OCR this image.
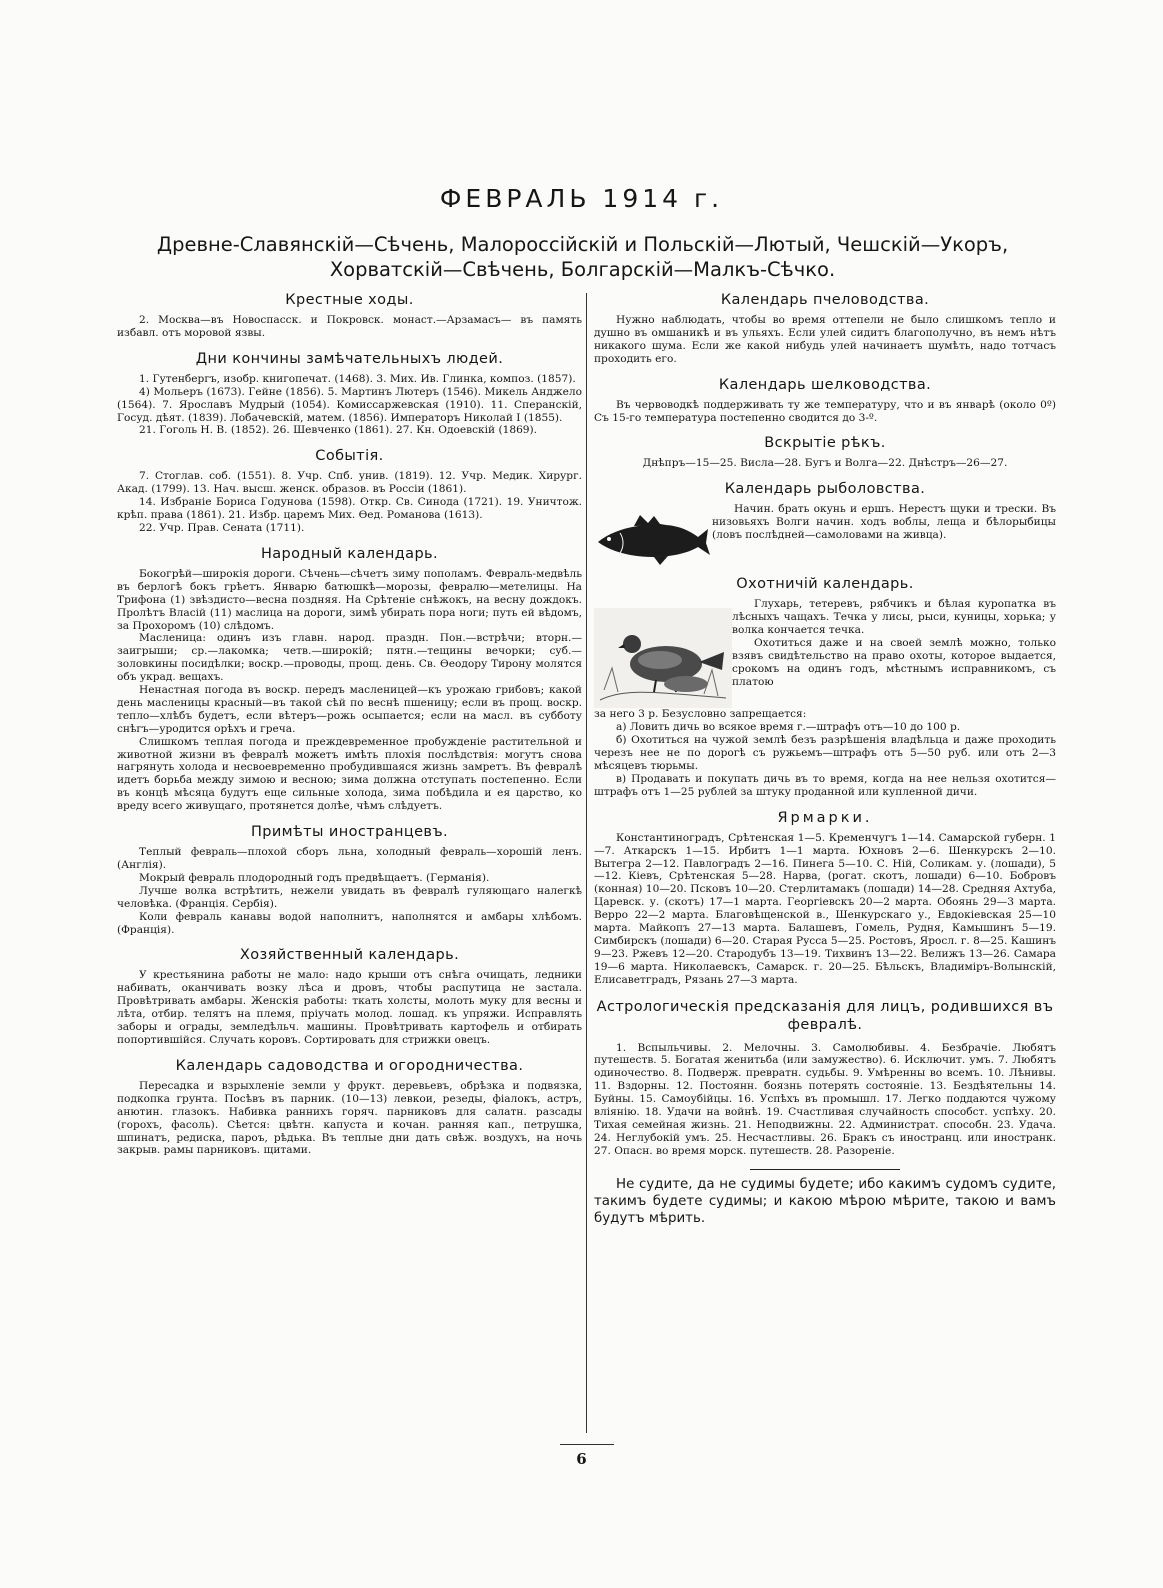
ФЕВРАЛЬ 1914 г.
Древне-Славянскій—Сѣчень, Малороссійскій и Польскій—Лютый, Чешскій—Укоръ,
Хорватскій—Свѣчень, Болгарскій—Малкъ-Сѣчко.
Крестные ходы.

2. Москва—въ Новоспасск. и Покровск. монаст.—Арзамасъ— въ память избавл. отъ моровой язвы.

Дни кончины замѣчательныхъ людей.

1. Гутенбергъ, изобр. книгопечат. (1468). 3. Мих. Ив. Глинка, композ. (1857).

4) Мольеръ (1673). Гейне (1856). 5. Мартинъ Лютеръ (1546). Микель Анджело (1564). 7. Ярославъ Мудрый (1054). Комиссаржевская (1910). 11. Сперанскій, Госуд. дѣят. (1839). Лобачевскій, матем. (1856). Императоръ Николай I (1855).

21. Гоголь Н. В. (1852). 26. Шевченко (1861). 27. Кн. Одоевскій (1869).

Событія.

7. Стоглав. соб. (1551). 8. Учр. Спб. унив. (1819). 12. Учр. Медик. Хирург. Акад. (1799). 13. Нач. высш. женск. образов. въ Россіи (1861).

14. Избраніе Бориса Годунова (1598). Откр. Св. Синода (1721). 19. Уничтож. крѣп. права (1861). 21. Избр. царемъ Мих. Ѳед. Романова (1613).

22. Учр. Прав. Сената (1711).

Народный календарь.

Бокогрѣй—широкія дороги. Сѣчень—сѣчетъ зиму пополамъ. Февраль-медвѣль въ берлогѣ бокъ грѣетъ. Январю батюшкѣ—морозы, февралю—метелицы. На Трифона (1) звѣздисто—весна поздняя. На Срѣтеніе снѣжокъ, на весну дождокъ. Пролѣтъ Власій (11) маслица на дороги, зимѣ убирать пора ноги; путь ей вѣдомъ, за Прохоромъ (10) слѣдомъ.

Масленица: одинъ изъ главн. народ. праздн. Пон.—встрѣчи; вторн.—заигрыши; ср.—лакомка; четв.—широкій; пятн.—тещины вечорки; суб.—золовкины посидѣлки; воскр.—проводы, прощ. день. Св. Ѳеодору Тирону молятся объ украд. вещахъ.

Ненастная погода въ воскр. передъ масленицей—къ урожаю грибовъ; какой день масленицы красный—въ такой сѣй по веснѣ пшеницу; если въ прощ. воскр. тепло—хлѣбъ будетъ, если вѣтеръ—рожь осыпается; если на масл. въ субботу снѣгъ—уродится орѣхъ и греча.

Слишкомъ теплая погода и преждевременное пробужденіе растительной и животной жизни въ февралѣ можетъ имѣть плохія послѣдствія: могутъ снова нагрянуть холода и несвоевременно пробудившаяся жизнь замретъ. Въ февралѣ идетъ борьба между зимою и весною; зима должна отступать постепенно. Если въ концѣ мѣсяца будутъ еще сильные холода, зима побѣдила и ея царство, ко вреду всего живущаго, протянется долѣе, чѣмъ слѣдуетъ.

Примѣты иностранцевъ.

Теплый февраль—плохой сборъ льна, холодный февраль—хорошій ленъ. (Англія).

Мокрый февраль плодородный годъ предвѣщаетъ. (Германія).

Лучше волка встрѣтить, нежели увидать въ февралѣ гуляющаго налегкѣ человѣка. (Франція. Сербія).

Коли февраль канавы водой наполнитъ, наполнятся и амбары хлѣбомъ. (Франція).

Хозяйственный календарь.

У крестьянина работы не мало: надо крыши отъ снѣга очищать, ледники набивать, оканчивать возку лѣса и дровъ, чтобы распутица не застала. Провѣтривать амбары. Женскія работы: ткать холсты, молоть муку для весны и лѣта, отбир. телятъ на племя, пріучать молод. лошад. къ упряжи. Исправлять заборы и ограды, земледѣльч. машины. Провѣтривать картофель и отбирать попортившійся. Случать коровъ. Сортировать для стрижки овецъ.

Календарь садоводства и огородничества.

Пересадка и взрыхленіе земли у фрукт. деревьевъ, обрѣзка и подвязка, подкопка грунта. Посѣвъ въ парник. (10—13) левкои, резеды, фіалокъ, астръ, анютин. глазокъ. Набивка раннихъ горяч. парниковъ для салатн. разсады (горохъ, фасоль). Сѣется: цвѣтн. капуста и кочан. ранняя кап., петрушка, шпинатъ, редиска, пароъ, рѣдька. Въ теплые дни дать свѣж. воздухъ, на ночь закрыв. рамы парниковъ. щитами.

Календарь пчеловодства.

Нужно наблюдать, чтобы во время оттепели не было слишкомъ тепло и душно въ омшаникѣ и въ ульяхъ. Если улей сидитъ благополучно, въ немъ нѣтъ никакого шума. Если же какой нибудь улей начинаетъ шумѣть, надо тотчасъ проходить его.

Календарь шелководства.

Въ червоводкѣ поддерживать ту же температуру, что и въ январѣ (около 0º) Съ 15-го температура постепенно сводится до 3-º.

Вскрытіе рѣкъ.

Днѣпръ—15—25. Висла—28. Бугъ и Волга—22. Днѣстръ—26—27.

Календарь рыболовства.

Начин. брать окунь и ершъ. Нерестъ щуки и трески. Въ низовьяхъ Волги начин. ходъ воблы, леща и бѣлорыбицы (ловъ послѣдней—самоловами на живца).

Охотничій календарь.

Глухарь, тетеревъ, рябчикъ и бѣлая куропатка въ лѣсныхъ чащахъ. Течка у лисы, рыси, куницы, хорька; у волка кончается течка.

Охотиться даже и на своей землѣ можно, только взявъ свидѣтельство на право охоты, которое выдается, срокомъ на одинъ годъ, мѣстнымъ исправникомъ, съ платою

за него 3 р. Безусловно запрещается:

а) Ловить дичь во всякое время г.—штрафъ отъ—10 до 100 р.

б) Охотиться на чужой землѣ безъ разрѣшенія владѣльца и даже проходить черезъ нее не по дорогѣ съ ружьемъ—штрафъ отъ 5—50 руб. или отъ 2—3 мѣсяцевъ тюрьмы.

в) Продавать и покупать дичь въ то время, когда на нее нельзя охотится—штрафъ отъ 1—25 рублей за штуку проданной или купленной дичи.

Ярмарки.

Константиноградъ, Срѣтенская 1—5. Кременчугъ 1—14. Самарской губерн. 1—7. Аткарскъ 1—15. Ирбитъ 1—1 марта. Юхновъ 2—6. Шенкурскъ 2—10. Вытегра 2—12. Павлоградъ 2—16. Пинега 5—10. С. Ній, Соликам. у. (лошади), 5—12. Кіевъ, Срѣтенская 5—28. Нарва, (рогат. скотъ, лошади) 6—10. Бобровъ (конная) 10—20. Псковъ 10—20. Стерлитамакъ (лошади) 14—28. Средняя Ахтуба, Царевск. у. (скотъ) 17—1 марта. Георгіевскъ 20—2 марта. Обоянь 29—3 марта. Верро 22—2 марта. Благовѣщенской в., Шенкурскаго у., Евдокіевская 25—10 марта. Майкопъ 27—13 марта. Балашевъ, Гомель, Рудня, Камышинъ 5—19. Симбирскъ (лошади) 6—20. Старая Русса 5—25. Ростовъ, Яросл. г. 8—25. Кашинъ 9—23. Ржевъ 12—20. Стародубъ 13—19. Тихвинъ 13—22. Велижъ 13—26. Самара 19—6 марта. Николаевскъ, Самарск. г. 20—25. Бѣльскъ, Владиміръ-Волынскій, Елисаветградъ, Рязань 27—3 марта.

Астрологическія предсказанія для лицъ, родившихся въ февралѣ.

1. Вспыльчивы. 2. Мелочны. 3. Самолюбивы. 4. Безбрачіе. Любятъ путешеств. 5. Богатая женитьба (или замужество). 6. Исключит. умъ. 7. Любятъ одиночество. 8. Подверж. превратн. судьбы. 9. Умѣренны во всемъ. 10. Лѣнивы. 11. Вздорны. 12. Постоянн. боязнь потерять состояніе. 13. Бездѣятельны 14. Буйны. 15. Самоубійцы. 16. Успѣхъ въ промышл. 17. Легко поддаются чужому вліянію. 18. Удачи на войнѣ. 19. Счастливая случайность способст. успѣху. 20. Тихая семейная жизнь. 21. Неподвижны. 22. Администрат. способн. 23. Удача. 24. Неглубокій умъ. 25. Несчастливы. 26. Бракъ съ иностранц. или иностранк. 27. Опасн. во время морск. путешеств. 28. Разореніе.

Не судите, да не судимы будете; ибо какимъ судомъ судите, такимъ будете судимы; и какою мѣрою мѣрите, такою и вамъ будутъ мѣрить.

6
